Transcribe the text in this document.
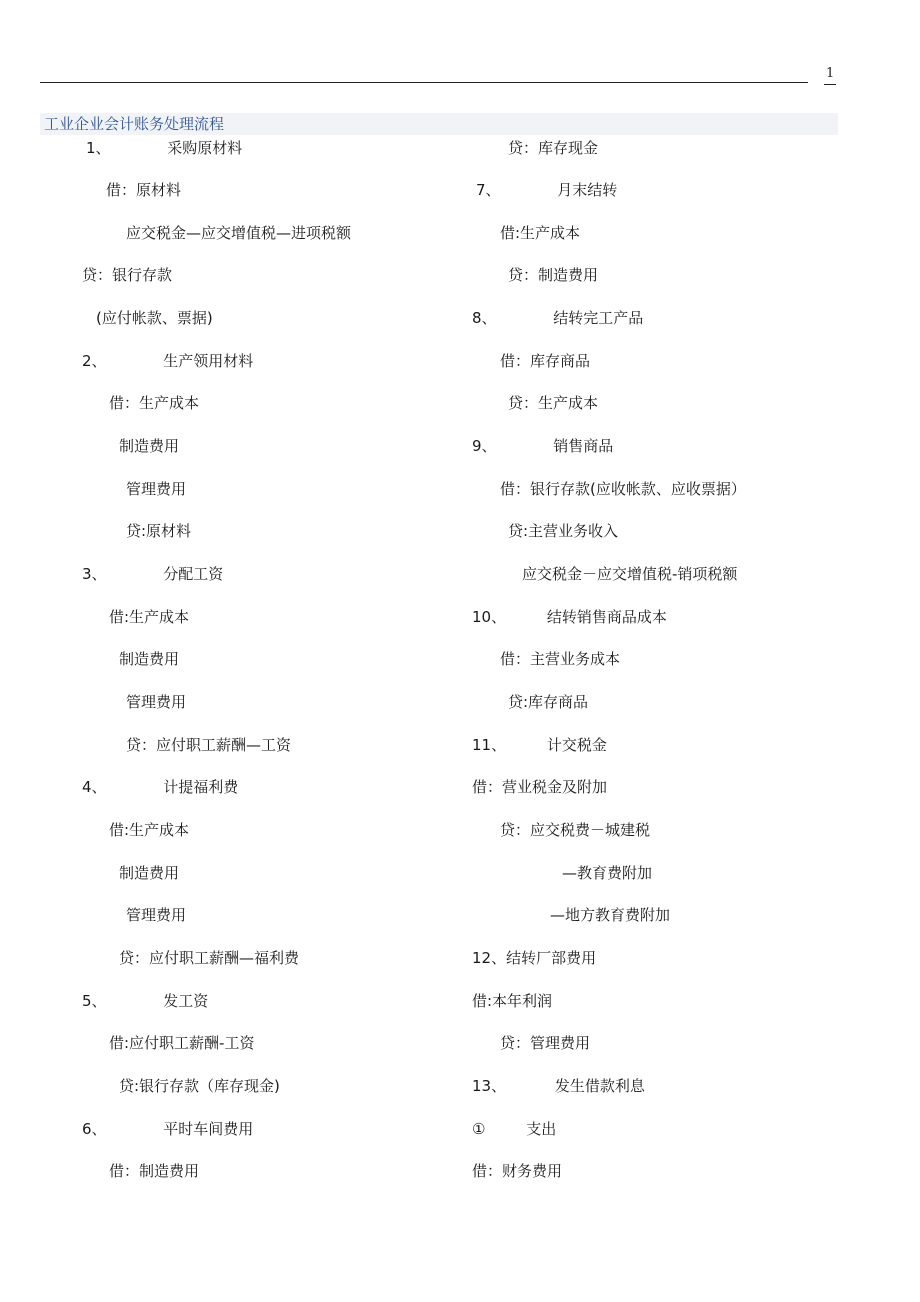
1
工业企业会计账务处理流程
1、 采购原材料
借：原材料
应交税金—应交增值税—进项税额
贷：银行存款
(应付帐款、票据)
2、 生产领用材料
借：生产成本
制造费用
管理费用
贷:原材料
3、 分配工资
借:生产成本
制造费用
管理费用
贷：应付职工薪酬—工资
4、 计提福利费
借:生产成本
制造费用
管理费用
贷：应付职工薪酬—福利费
5、 发工资
借:应付职工薪酬-工资
贷:银行存款（库存现金)
6、 平时车间费用
借：制造费用
贷：库存现金
7、 月末结转
借:生产成本
贷：制造费用
8、 结转完工产品
借：库存商品
贷：生产成本
9、 销售商品
借：银行存款(应收帐款、应收票据）
贷:主营业务收入
应交税金－应交增值税-销项税额
10、 结转销售商品成本
借：主营业务成本
贷:库存商品
11、 计交税金
借：营业税金及附加
贷：应交税费－城建税
—教育费附加
—地方教育费附加
12、结转厂部费用
借:本年利润
贷：管理费用
13、 发生借款利息
① 支出
借：财务费用
